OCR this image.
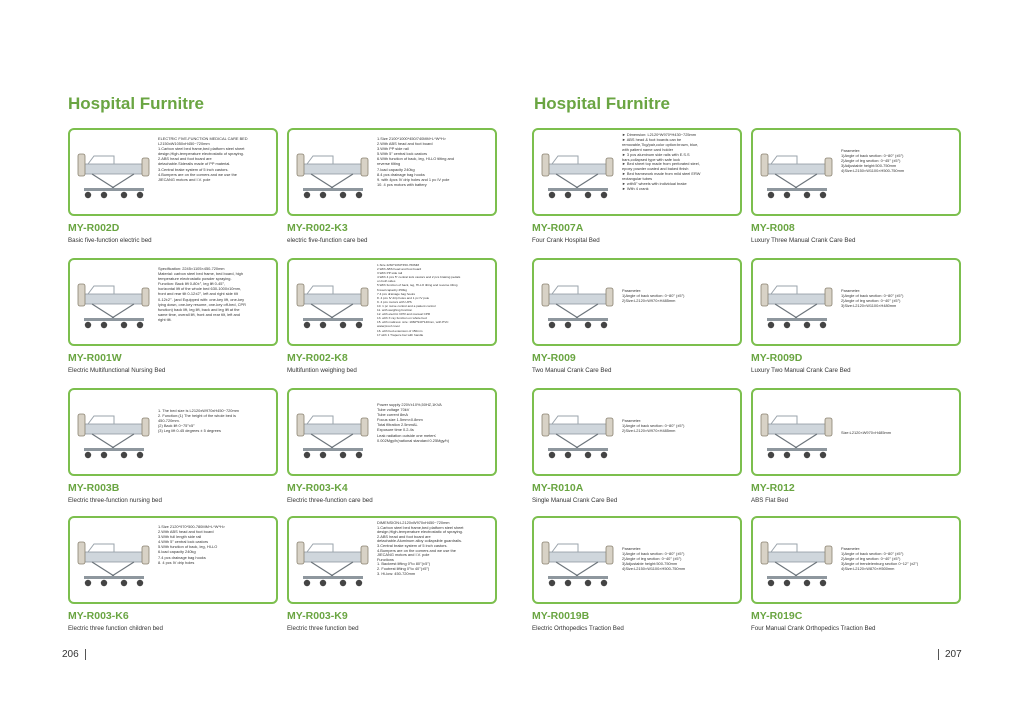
Hospital Furnitre
ELECTRIC FIVE-FUNCTION MEDICAL CARE BED
L2150xW1050xH450~720mm
1.Carbon steel bed frame,bed platform steel sheet
design,High-temperature electrostatic of spraying.
2.ABS head and foot board are
detachable.Siderails made of PP material.
3.Central brake system of 5 inch castors.
4.Bumpers are on the corners and we use the
JIECANG motors and I.V. pole
MY-R002D
Basic five-function electric bed
1.Size 2100*1000*450/740MM+L*W*H>
2.With ABS head and foot board
3.With PP side rail
5.With 5" central lock castors
6.With function of back, leg, HI-LO tilting and
reverse tilting
7.load capacity 240kg
8.4 pcs drainage bag hooks
9. with 4pcs IV drip holes and 1 pc IV pole
10. 4 pcs motors with battery
MY-R002-K3
electric five-function care bed
Specification: 2245×1105×450-720mm
Material: carbon steel bed frame, bed board, high
temperature electrostatic powder spraying.
Function: Back lift 0-80±°, leg lift 0-45°,
horizontal lift of the whole bed 630-1000±10mm,
front and rear tilt 0-12±2°, left and right side tilt
0-12±2°. (and Equipped with: one-key lift, one-key
lying down, one-key resume, one-key off-bed, CPR
function) back lift, leg lift, back and leg lift at the
same time, overall lift, front and rear tilt, left and
right tilt.
MY-R001W
Electric Multifunctional Nursing Bed
1.Size 2260*1060*450-760MM
2.With ABS head and foot board
3.With PP side rail
4.With 4 pcs 5" central lock castors and 2 pcs braking pedals
on both sides
5.With function of back, leg, HI-LO tilting and reverse tilting
6.load capacity 250kg
7.4 pcs drainage bag hooks
8. 4 pcs IV drip holes and 1 pc IV pole
9. 4 pcs motors with UPS
10. 1 pc nurse control and a patient control
11. with weighing function
12. with electric CPR and manual CPR
13. with X ray function on whole bed
15. with mattress: size: 1960*940*140mm, with PVC
waterproof cover
16. with bed extension of 150mm
17 with 1 Trapeze bar with handle
MY-R002-K8
Multifuntion weighing bed
1. The bed size is L2120xW970xH450~720mm
2. Function:(1) The height of the whole bed is
450-720mm.
(2) Back lift 0~75°±5°
(3) Leg lift 0-45 degrees ± 5 degrees
MY-R003B
Electric three-function nursing bed
Power supply 220V±10%,50HZ,1KVA
Tube voltage 70kV
Tube current 8mA
Focus size 1.5mm×0.8mm
Total filtration 2.5mmAL
Exposure time 0.2-4s
Leak radiation outside one meter≤
0.002Mgy/h(national standard 0.25Mgy/h)
MY-R003-K4
Electric three-function care bed
1.Size 2120*970*500-780MM+L*W*H>
2.With ABS head and foot board
3.With full length side rail
4.With 5" central lock castors
5.With function of back, leg, HI-LO
6.load capacity 240kg
7.4 pcs drainage bag hooks
8. 4 pcs IV drip holes
MY-R003-K6
Electric three function children bed
DIMENSION:L2120xW970xH450~720mm
1.Carbon steel bed frame,bed platform steel sheet
design,High-temperature electrostatic of spraying.
2.ABS head and foot board are
detachable.Aluminum alloy collapsible guardrails.
3.Central brake system of 5 inch castors.
4.Bumpers are on the corners and we use the
JIECANG motors and I.V. pole
Functions
1. Backrest lifting 0°to 80°(±5°)
2. Footrest lifting 0°to 40°(±5°)
3. Hi-low: 450-720mm
MY-R003-K9
Electric three function bed
206
Hospital Furnitre
► Dimension: L2120*W970*H430~725mm
► ABS head & foot boards can be
removable,7kg/pair,color option:brown, blue,
with patient name card holder
► 3 pcs aluminum side rails with E.S.S
bars,collapsed type with safe lock
► Bed sheet top made from perforated steel,
epoxy powder coated and baked finish
► Bed framework made from mild steel ERW
rectangular tubes
► with5" wheels with individual brake
► With 4 crank
MY-R007A
Four Crank Hospital Bed
Parameter:
1)Angle of back section: 0~80° (±5°)
2)Angle of leg section: 0~45° (±5°)
3)Adjustable height:500-750mm
4)Size:L2150×W1100×H500-750mm
MY-R008
Luxury Three Manual Crank Care Bed
Parameter:
1)Angle of back section: 0~80° (±5°)
2)Size:L2120×W970×H485mm
MY-R009
Two Manual Crank Care Bed
Parameter:
1)Angle of back section: 0~80° (±5°)
2)Angle of leg section: 0~40° (±5°)
3)Size:L2120×W1100×H480mm
MY-R009D
Luxury Two Manual Crank Care Bed
Parameter:
1)Angle of back section: 0~80° (±5°)
2)Size:L2120×W970×H485mm
MY-R010A
Single Manual Crank Care Bed
Size:L2120×W970×H485mm
MY-R012
ABS Flat Bed
Parameter:
1)Angle of back section: 0~80° (±5°)
2)Angle of leg section: 0~40° (±5°)
3)Adjustable height:500-750mm
4)Size:L2150×W1100×H500-750mm
MY-R0019B
Electric Orthopedics Traction Bed
Parameter:
1)Angle of back section: 0~80° (±5°)
2)Angle of leg section: 0~40° (±5°)
3)Angle of trendelenburg section 0~12° (±2°)
4)Size:L2120×W870×H500mm
MY-R019C
Four Manual Crank Orthopedics Traction Bed
207
